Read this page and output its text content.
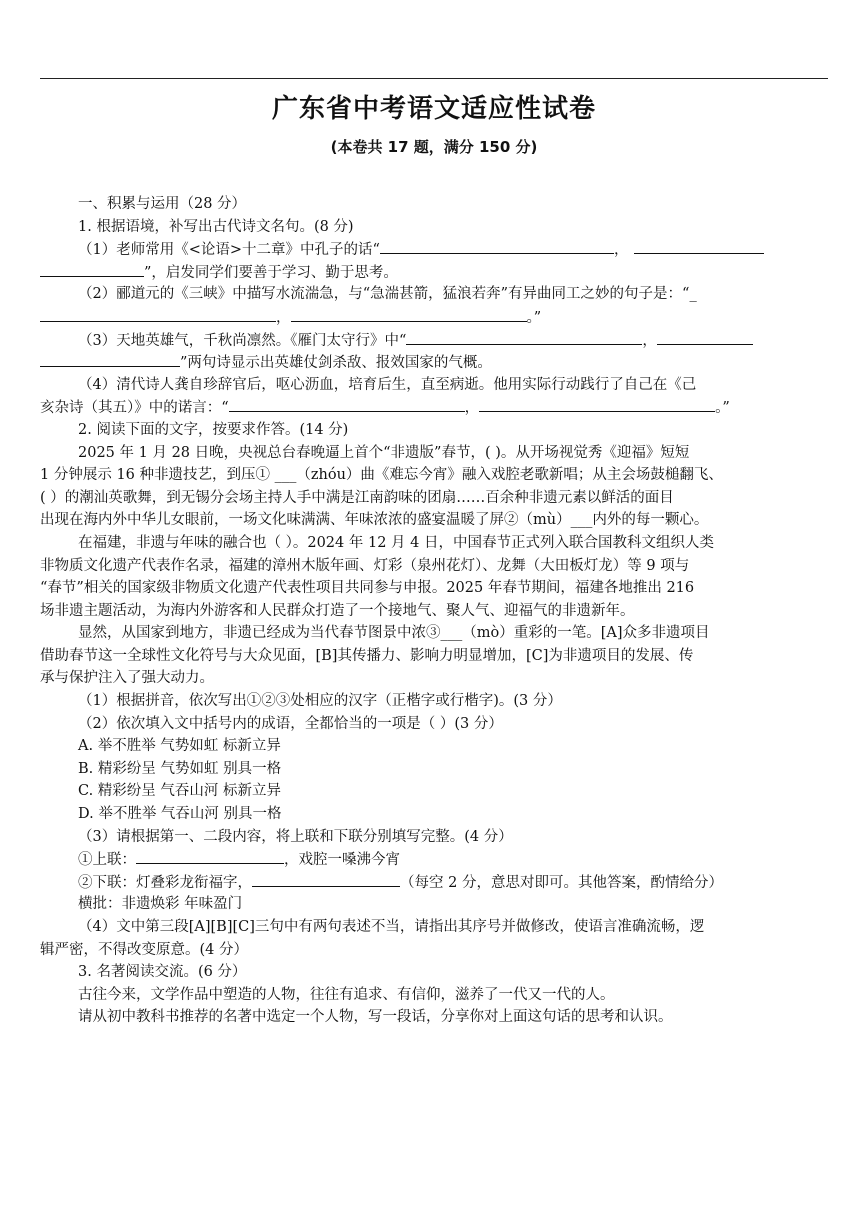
广东省中考语文适应性试卷
(本卷共 17 题，满分 150 分)
一、积累与运用（28 分）
1. 根据语境，补写出古代诗文名句。(8 分)
（1）老师常用《<论语>十二章》中孔子的话“	，
”，启发同学们要善于学习、勤于思考。
（2）郦道元的《三峡》中描写水流湍急，与“急湍甚箭，猛浪若奔”有异曲同工之妙的句子是：“_
，	。”
（3）天地英雄气，千秋尚凛然。《雁门太守行》中“	，
”两句诗显示出英雄仗剑杀敌、报效国家的气概。
（4）清代诗人龚自珍辞官后，呕心沥血，培育后生，直至病逝。他用实际行动践行了自己在《己
亥杂诗（其五）》中的诺言：“	，	。”
2. 阅读下面的文字，按要求作答。(14 分)
2025 年 1 月 28 日晚，央视总台春晚逼上首个“非遗版”春节，( )。从开场视觉秀《迎福》短短
1 分钟展示 16 种非遗技艺，到压① ___（zhóu）曲《难忘今宵》融入戏腔老歌新唱；从主会场鼓槌翻飞、
( ）的潮汕英歌舞，到无锡分会场主持人手中满是江南韵味的团扇……百余种非遗元素以鲜活的面目
出现在海内外中华儿女眼前，一场文化味满满、年味浓浓的盛宴温暖了屏②（mù）___内外的每一颗心。
在福建，非遗与年味的融合也（ ）。2024 年 12 月 4 日，中国春节正式列入联合国教科文组织人类
非物质文化遗产代表作名录，福建的漳州木版年画、灯彩（泉州花灯）、龙舞（大田板灯龙）等 9 项与
“春节”相关的国家级非物质文化遗产代表性项目共同参与申报。2025 年春节期间，福建各地推出 216
场非遗主题活动，为海内外游客和人民群众打造了一个接地气、聚人气、迎福气的非遗新年。
显然，从国家到地方，非遗已经成为当代春节图景中浓③___（mò）重彩的一笔。[A]众多非遗项目
借助春节这一全球性文化符号与大众见面，[B]其传播力、影响力明显增加，[C]为非遗项目的发展、传
承与保护注入了强大动力。
（1）根据拼音，依次写出①②③处相应的汉字（正楷字或行楷字)。(3 分）
（2）依次填入文中括号内的成语，全都恰当的一项是（ ）(3 分）
A. 举不胜举 气势如虹 标新立异
B. 精彩纷呈 气势如虹 别具一格
C. 精彩纷呈 气吞山河 标新立异
D. 举不胜举 气吞山河 别具一格
（3）请根据第一、二段内容，将上联和下联分别填写完整。(4 分）
①上联：	，戏腔一嗓沸今宵
②下联：灯叠彩龙衔福字，	（每空 2 分，意思对即可。其他答案，酌情给分）
横批：非遗焕彩 年味盈门
（4）文中第三段[A][B][C]三句中有两句表述不当，请指出其序号并做修改，使语言准确流畅，逻
辑严密，不得改变原意。(4 分）
3. 名著阅读交流。(6 分）
古往今来，文学作品中塑造的人物，往往有追求、有信仰，滋养了一代又一代的人。
请从初中教科书推荐的名著中选定一个人物，写一段话，分享你对上面这句话的思考和认识。
